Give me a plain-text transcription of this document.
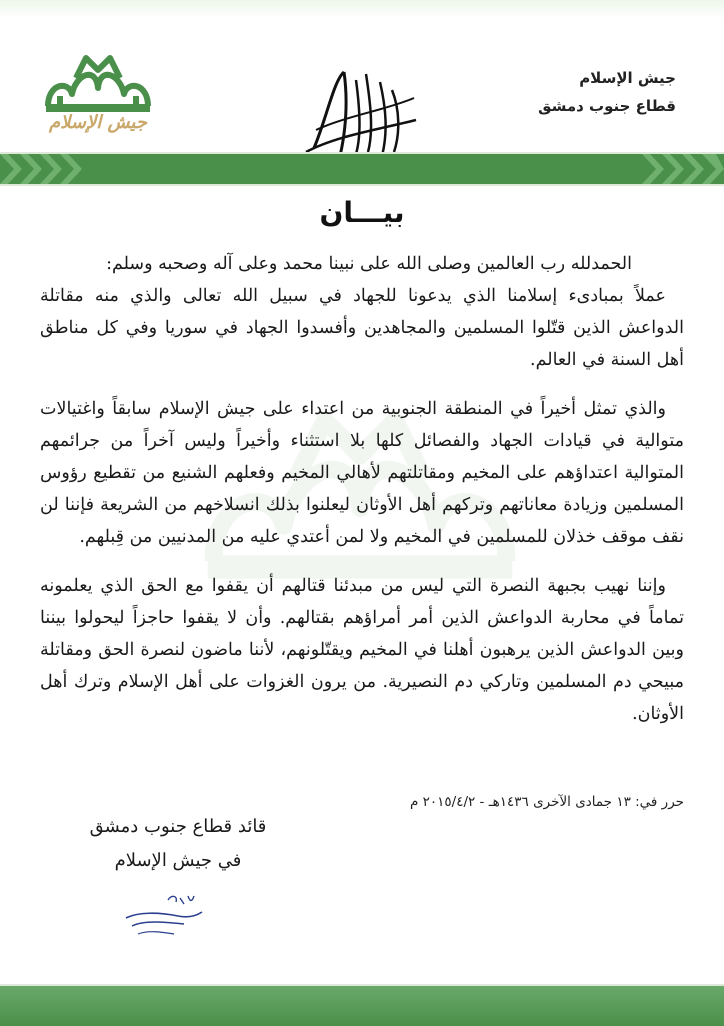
جيش الإسلام
قطاع جنوب دمشق
جيش الإسلام
بيـــان

الحمدلله رب العالمين وصلى الله على نبينا محمد وعلى آله وصحبه وسلم:

عملاً بمبادىء إسلامنا الذي يدعونا للجهاد في سبيل الله تعالى والذي منه مقاتلة الدواعش الذين قتّلوا المسلمين والمجاهدين وأفسدوا الجهاد في سوريا وفي كل مناطق أهل السنة في العالم.

والذي تمثل أخيراً في المنطقة الجنوبية من اعتداء على جيش الإسلام سابقاً واغتيالات متوالية في قيادات الجهاد والفصائل كلها بلا استثناء وأخيراً وليس آخراً من جرائمهم المتوالية اعتداؤهم على المخيم ومقاتلتهم لأهالي المخيم وفعلهم الشنيع من تقطيع رؤوس المسلمين وزيادة معاناتهم وتركهم أهل الأوثان ليعلنوا بذلك انسلاخهم من الشريعة فإننا لن نقف موقف خذلان للمسلمين في المخيم ولا لمن أعتدي عليه من المدنيين من قِبلهم.

وإننا نهيب بجبهة النصرة التي ليس من مبدئنا قتالهم أن يقفوا مع الحق الذي يعلمونه تماماً في محاربة الدواعش الذين أمر أمراؤهم بقتالهم. وأن لا يقفوا حاجزاً ليحولوا بيننا وبين الدواعش الذين يرهبون أهلنا في المخيم ويقتّلونهم، لأننا ماضون لنصرة الحق ومقاتلة مبيحي دم المسلمين وتاركي دم النصيرية. من يرون الغزوات على أهل الإسلام وترك أهل الأوثان.

حرر في: ١٣ جمادى الآخرى ١٤٣٦هـ - ٢٠١٥/٤/٢ م
قائد قطاع جنوب دمشق
في جيش الإسلام
